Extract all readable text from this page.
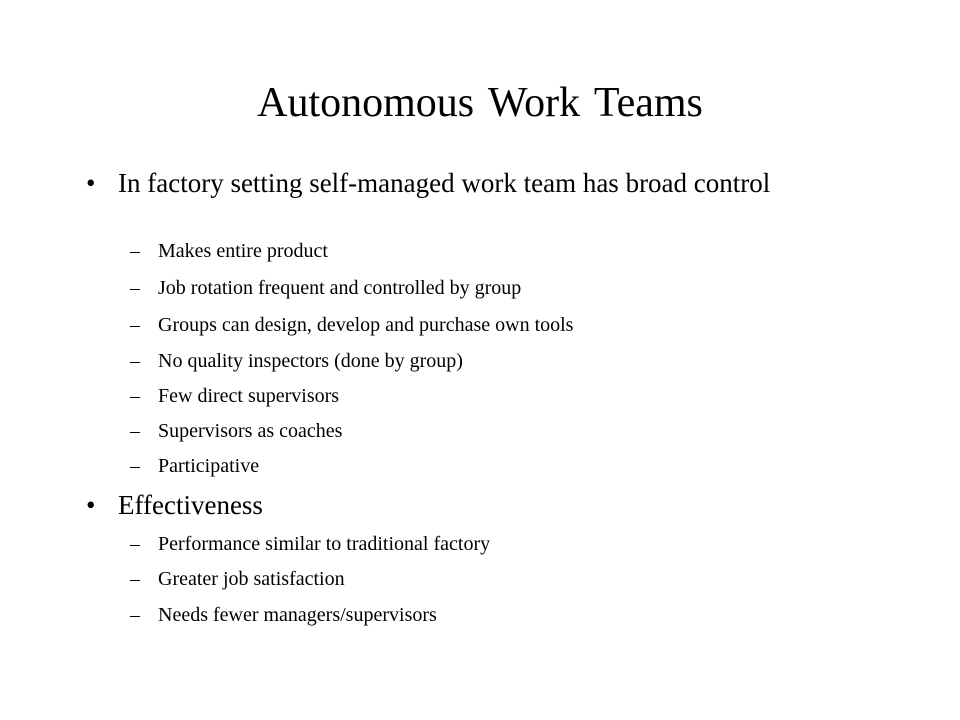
Autonomous Work Teams
• In factory setting self-managed work team has broad control
– Makes entire product
– Job rotation frequent and controlled by group
– Groups can design, develop and purchase own tools
– No quality inspectors (done by group)
– Few direct supervisors
– Supervisors as coaches
– Participative
• Effectiveness
– Performance similar to traditional factory
– Greater job satisfaction
– Needs fewer managers/supervisors
